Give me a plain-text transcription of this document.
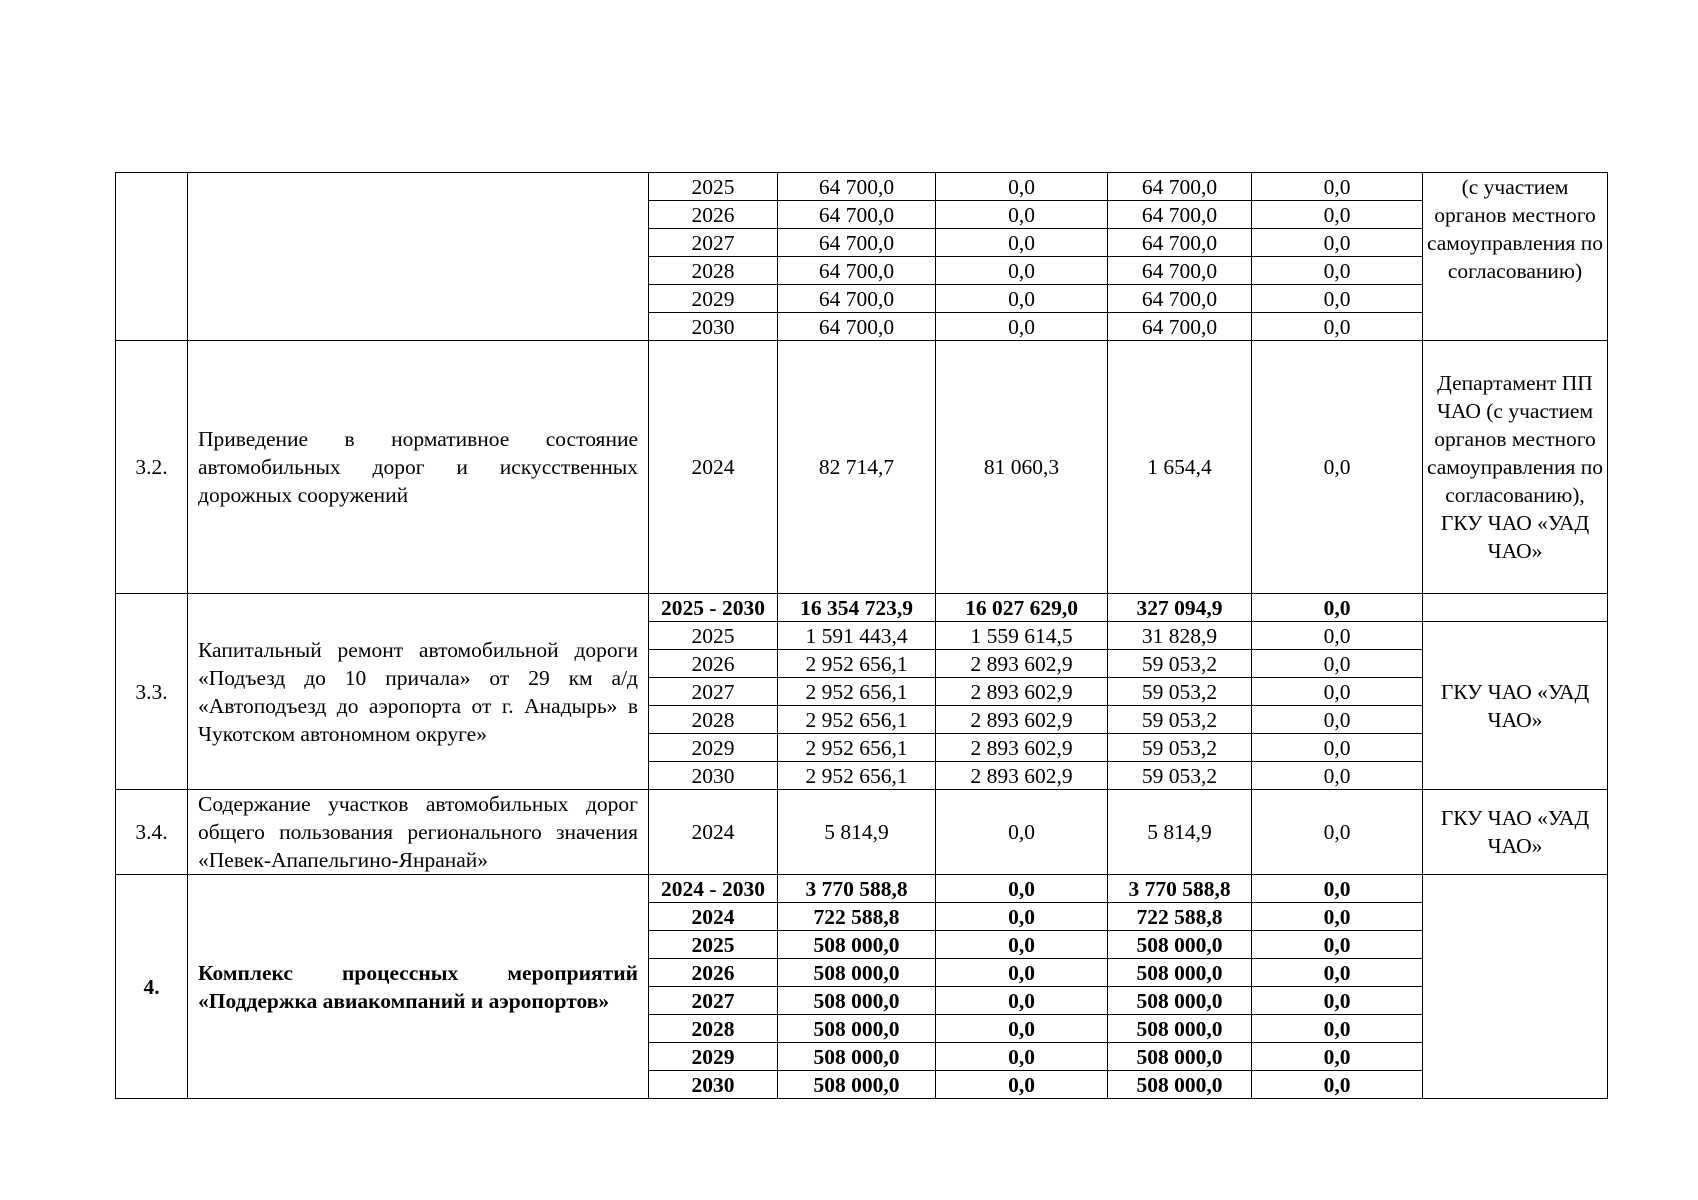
		2025	64 700,0	0,0	64 700,0	0,0	(с участием органов местного самоуправления по согласованию)
		2026	64 700,0	0,0	64 700,0	0,0	
		2027	64 700,0	0,0	64 700,0	0,0	
		2028	64 700,0	0,0	64 700,0	0,0	
		2029	64 700,0	0,0	64 700,0	0,0	
		2030	64 700,0	0,0	64 700,0	0,0	
3.2.	Приведение в нормативное состояние автомобильных дорог и искусственных дорожных сооружений	2024	82 714,7	81 060,3	1 654,4	0,0	Департамент ПП ЧАО (с участием органов местного самоуправления по согласованию), ГКУ ЧАО «УАД ЧАО»
3.3.	Капитальный ремонт автомобильной дороги «Подъезд до 10 причала» от 29 км а/д «Автоподъезд до аэропорта от г. Анадырь» в Чукотском автономном округе»	2025 - 2030	16 354 723,9	16 027 629,0	327 094,9	0,0	
		2025	1 591 443,4	1 559 614,5	31 828,9	0,0	ГКУ ЧАО «УАД ЧАО»
		2026	2 952 656,1	2 893 602,9	59 053,2	0,0	
		2027	2 952 656,1	2 893 602,9	59 053,2	0,0	
		2028	2 952 656,1	2 893 602,9	59 053,2	0,0	
		2029	2 952 656,1	2 893 602,9	59 053,2	0,0	
		2030	2 952 656,1	2 893 602,9	59 053,2	0,0	
3.4.	Содержание участков автомобильных дорог общего пользования регионального значения «Певек-Апапельгино-Янранай»	2024	5 814,9	0,0	5 814,9	0,0	ГКУ ЧАО «УАД ЧАО»
4.	Комплекс процессных мероприятий «Поддержка авиакомпаний и аэропортов»	2024 - 2030	3 770 588,8	0,0	3 770 588,8	0,0	
		2024	722 588,8	0,0	722 588,8	0,0	
		2025	508 000,0	0,0	508 000,0	0,0	
		2026	508 000,0	0,0	508 000,0	0,0	
		2027	508 000,0	0,0	508 000,0	0,0	
		2028	508 000,0	0,0	508 000,0	0,0	
		2029	508 000,0	0,0	508 000,0	0,0	
		2030	508 000,0	0,0	508 000,0	0,0	
